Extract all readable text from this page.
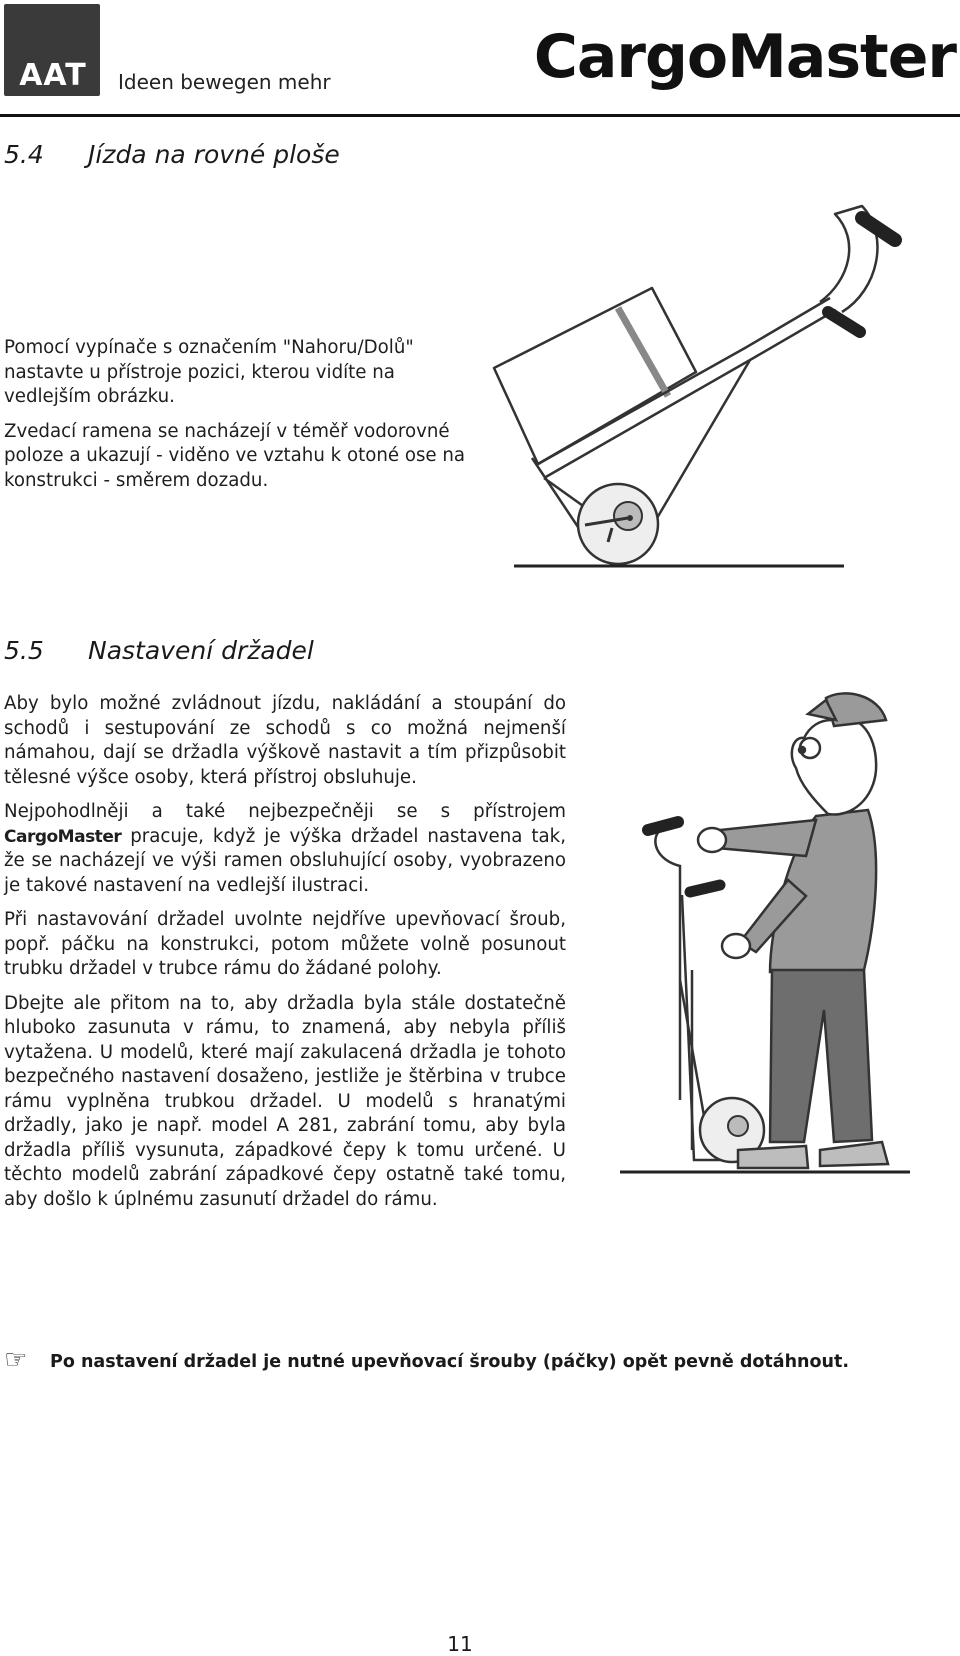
AAT	Ideen bewegen mehr	CargoMaster
5.4 Jízda na rovné ploše

Pomocí vypínače s označením "Nahoru/Dolů" nastavte u přístroje pozici, kterou vidíte na vedlejším obrázku.

Zvedací ramena se nacházejí v téměř vodorovné poloze a ukazují - viděno ve vztahu k otoné ose na konstrukci - směrem dozadu.

5.5 Nastavení držadel

Aby bylo možné zvládnout jízdu, nakládání a stoupání do schodů i sestupování ze schodů s co možná nejmenší námahou, dají se držadla výškově nastavit a tím přizpůsobit tělesné výšce osoby, která přístroj obsluhuje.

Nejpohodlněji a také nejbezpečněji se s přístrojem CargoMaster pracuje, když je výška držadel nastavena tak, že se nacházejí ve výši ramen obsluhující osoby, vyobrazeno je takové nastavení na vedlejší ilustraci.

Při nastavování držadel uvolnte nejdříve upevňovací šroub, popř. páčku na konstrukci, potom můžete volně posunout trubku držadel v trubce rámu do žádané polohy.

Dbejte ale přitom na to, aby držadla byla stále dostatečně hluboko zasunuta v rámu, to znamená, aby nebyla příliš vytažena. U modelů, které mají zakulacená držadla je tohoto bezpečného nastavení dosaženo, jestliže je štěrbina v trubce rámu vyplněna trubkou držadel. U modelů s hranatými držadly, jako je např. model A 281, zabrání tomu, aby byla držadla příliš vysunuta, západkové čepy k tomu určené. U těchto modelů zabrání západkové čepy ostatně také tomu, aby došlo k úplnému zasunutí držadel do rámu.

☞ Po nastavení držadel je nutné upevňovací šrouby (páčky) opět pevně dotáhnout.
11
